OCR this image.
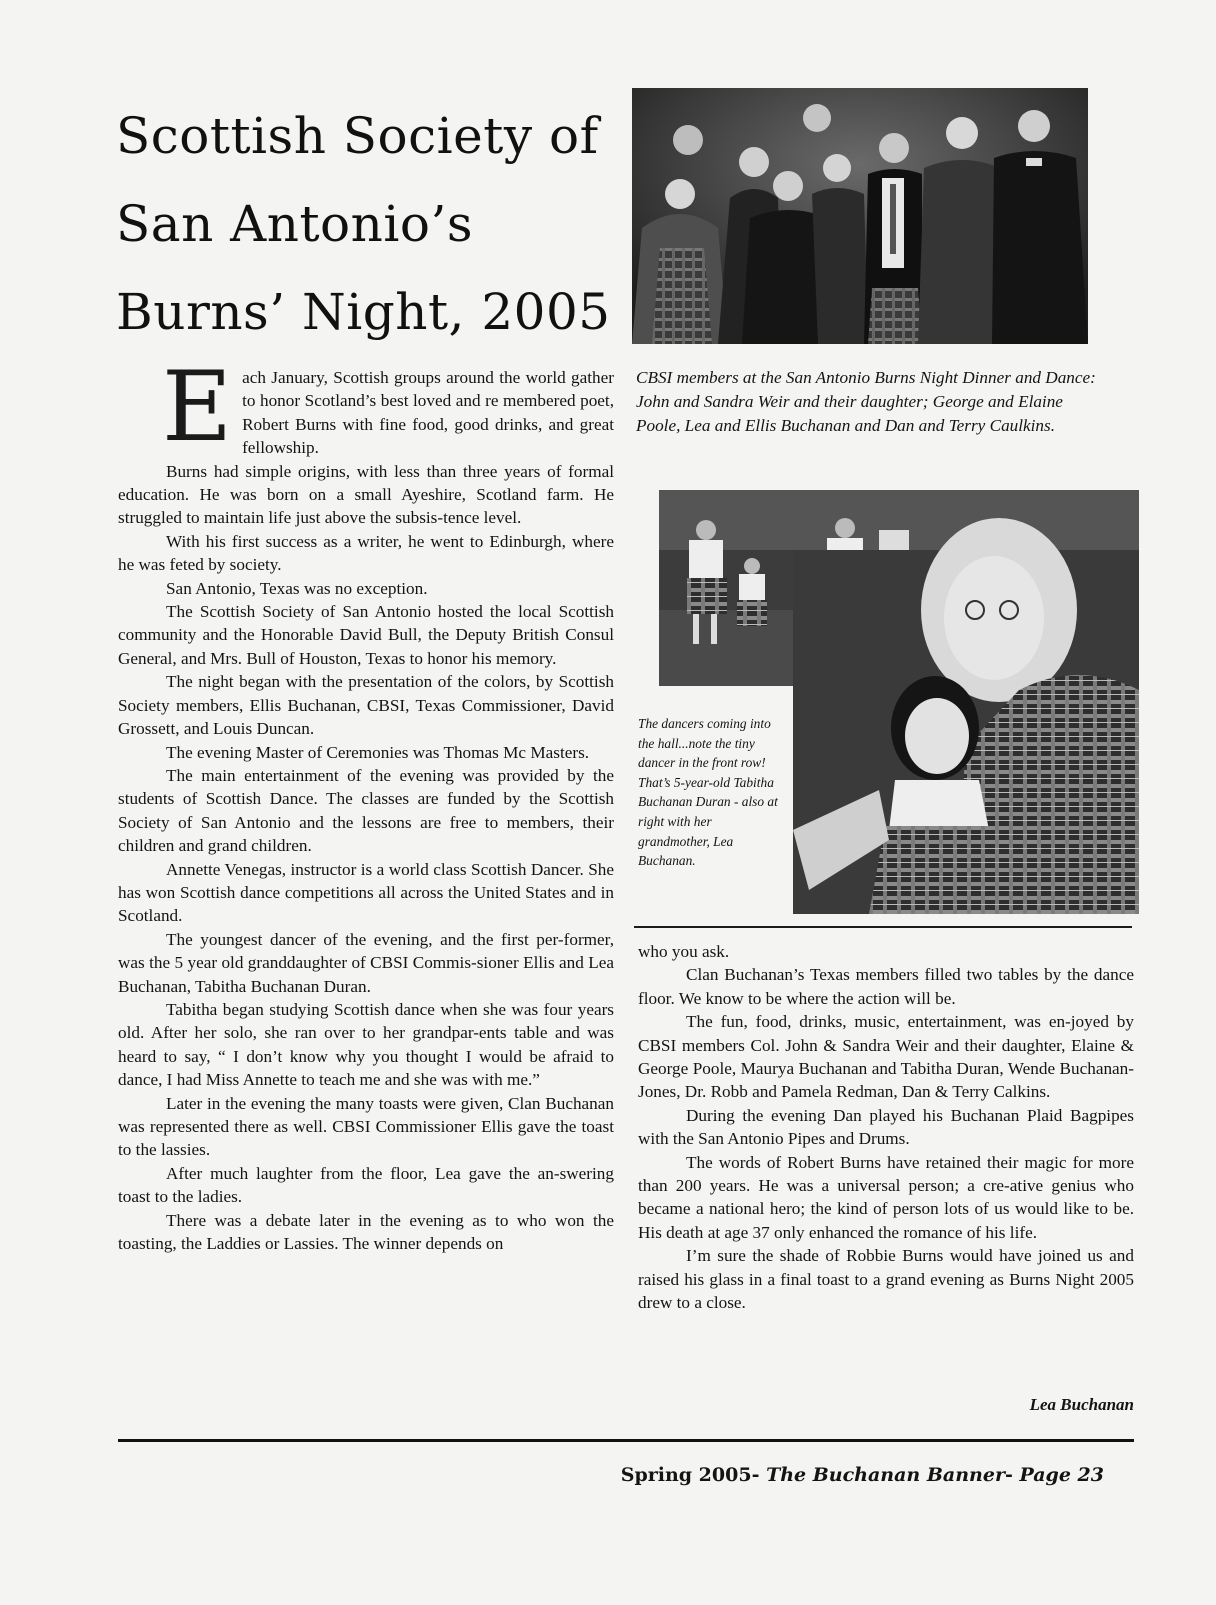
Scottish Society of
San Antonio’s
Burns’ Night, 2005
CBSI members at the San Antonio Burns Night Dinner and Dance: John and Sandra Weir and their daughter; George and Elaine Poole, Lea and Ellis Buchanan and Dan and Terry Caulkins.
The dancers coming into the hall...note the tiny dancer in the front row! That’s 5-year-old Tabitha Buchanan Duran - also at right with her grandmother, Lea Buchanan.

Each January, Scottish groups around the world gather to honor Scotland’s best loved and re membered poet, Robert Burns with fine food, good drinks, and great fellowship.

Burns had simple origins, with less than three years of formal education. He was born on a small Ayeshire, Scotland farm. He struggled to maintain life just above the subsis-tence level.

With his first success as a writer, he went to Edinburgh, where he was feted by society.

San Antonio, Texas was no exception.

The Scottish Society of San Antonio hosted the local Scottish community and the Honorable David Bull, the Deputy British Consul General, and Mrs. Bull of Houston, Texas to honor his memory.

The night began with the presentation of the colors, by Scottish Society members, Ellis Buchanan, CBSI, Texas Commissioner, David Grossett, and Louis Duncan.

The evening Master of Ceremonies was Thomas Mc Masters.

The main entertainment of the evening was provided by the students of Scottish Dance. The classes are funded by the Scottish Society of San Antonio and the lessons are free to members, their children and grand children.

Annette Venegas, instructor is a world class Scottish Dancer. She has won Scottish dance competitions all across the United States and in Scotland.

The youngest dancer of the evening, and the first per-former, was the 5 year old granddaughter of CBSI Commis-sioner Ellis and Lea Buchanan, Tabitha Buchanan Duran.

Tabitha began studying Scottish dance when she was four years old. After her solo, she ran over to her grandpar-ents table and was heard to say, “ I don’t know why you thought I would be afraid to dance, I had Miss Annette to teach me and she was with me.”

Later in the evening the many toasts were given, Clan Buchanan was represented there as well. CBSI Commissioner Ellis gave the toast to the lassies.

After much laughter from the floor, Lea gave the an-swering toast to the ladies.

There was a debate later in the evening as to who won the toasting, the Laddies or Lassies. The winner depends on

who you ask.

Clan Buchanan’s Texas members filled two tables by the dance floor. We know to be where the action will be.

The fun, food, drinks, music, entertainment, was en-joyed by CBSI members Col. John & Sandra Weir and their daughter, Elaine & George Poole, Maurya Buchanan and Tabitha Duran, Wende Buchanan-Jones, Dr. Robb and Pamela Redman, Dan & Terry Calkins.

During the evening Dan played his Buchanan Plaid Bagpipes with the San Antonio Pipes and Drums.

The words of Robert Burns have retained their magic for more than 200 years. He was a universal person; a cre-ative genius who became a national hero; the kind of person lots of us would like to be. His death at age 37 only enhanced the romance of his life.

I’m sure the shade of Robbie Burns would have joined us and raised his glass in a final toast to a grand evening as Burns Night 2005 drew to a close.

Lea Buchanan
Spring 2005- The Buchanan Banner- Page 23
